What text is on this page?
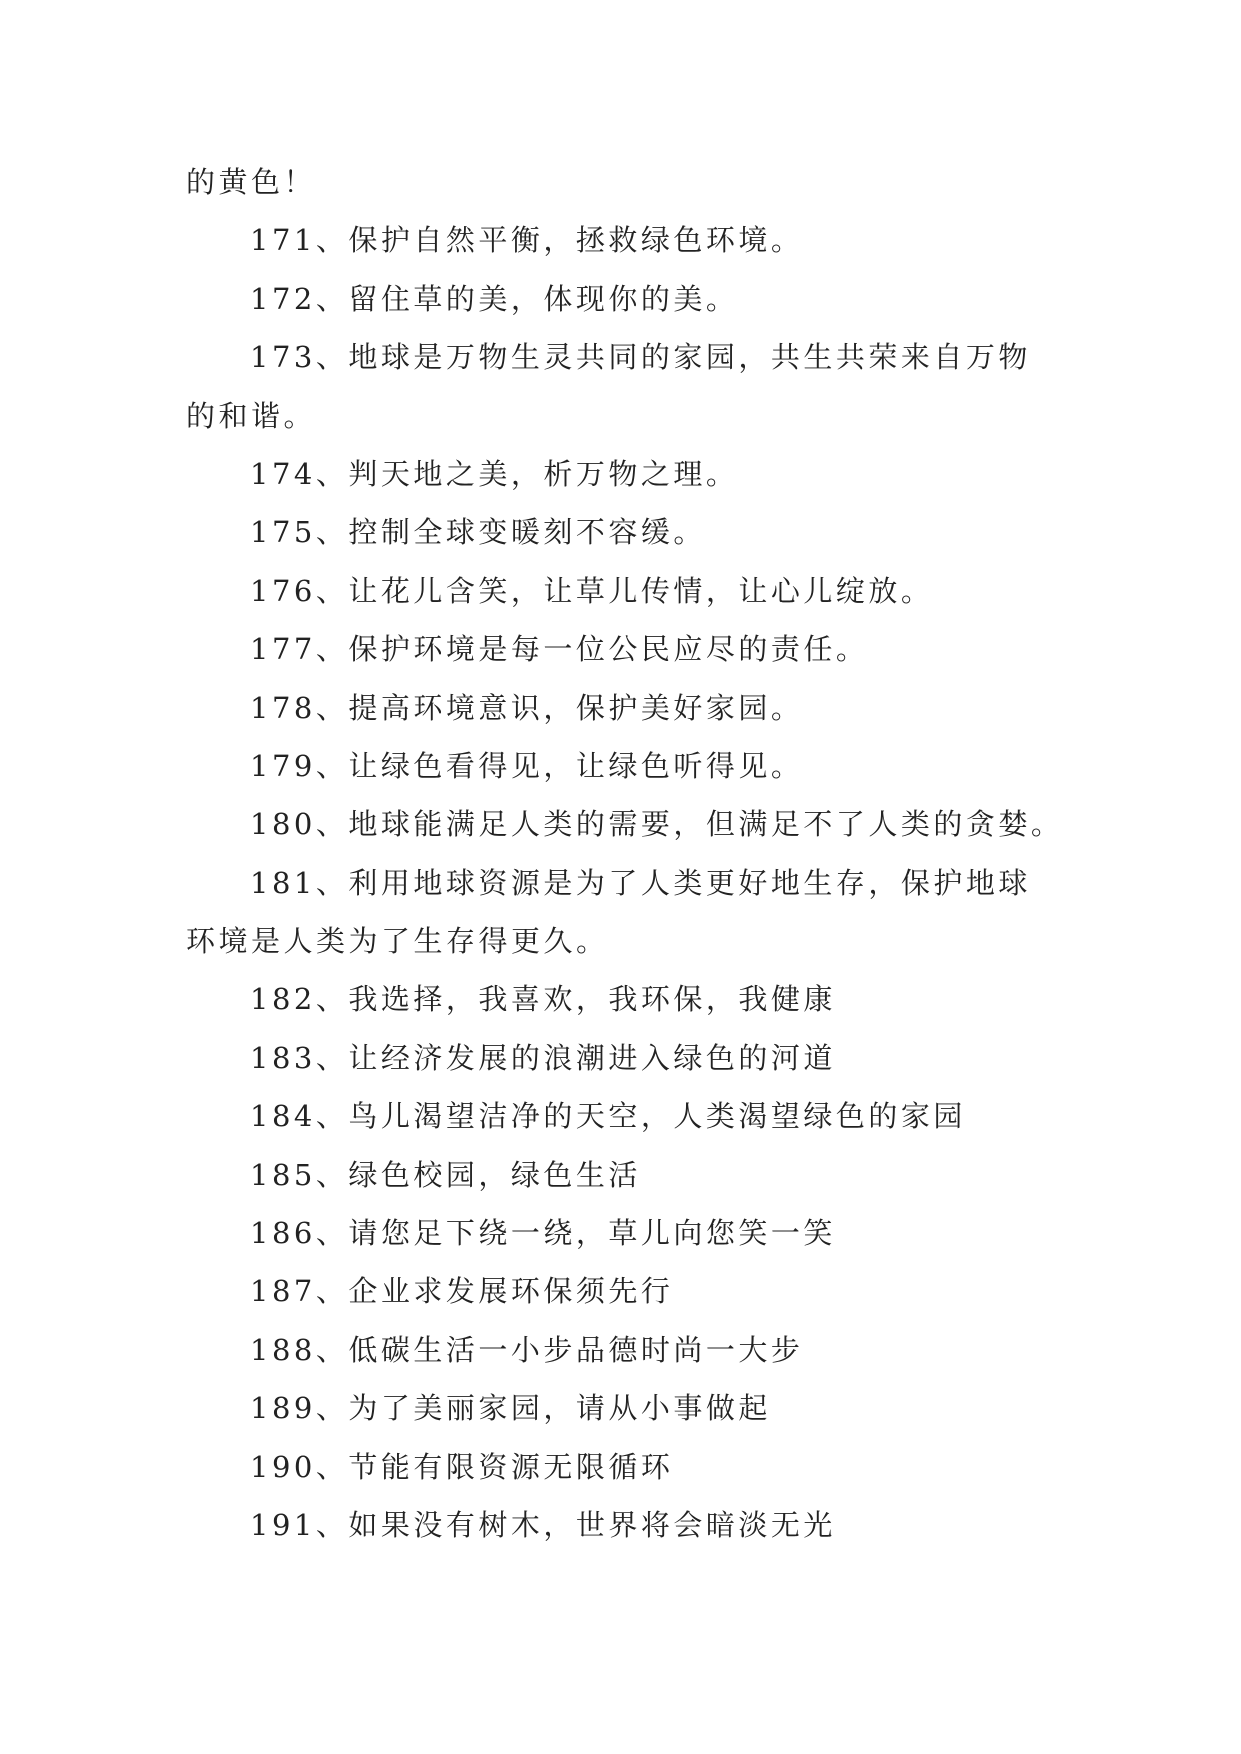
的黄色！
171、保护自然平衡，拯救绿色环境。
172、留住草的美，体现你的美。
173、地球是万物生灵共同的家园，共生共荣来自万物
的和谐。
174、判天地之美，析万物之理。
175、控制全球变暖刻不容缓。
176、让花儿含笑，让草儿传情，让心儿绽放。
177、保护环境是每一位公民应尽的责任。
178、提高环境意识，保护美好家园。
179、让绿色看得见，让绿色听得见。
180、地球能满足人类的需要，但满足不了人类的贪婪。
181、利用地球资源是为了人类更好地生存，保护地球
环境是人类为了生存得更久。
182、我选择，我喜欢，我环保，我健康
183、让经济发展的浪潮进入绿色的河道
184、鸟儿渴望洁净的天空，人类渴望绿色的家园
185、绿色校园，绿色生活
186、请您足下绕一绕，草儿向您笑一笑
187、企业求发展环保须先行
188、低碳生活一小步品德时尚一大步
189、为了美丽家园，请从小事做起
190、节能有限资源无限循环
191、如果没有树木，世界将会暗淡无光
